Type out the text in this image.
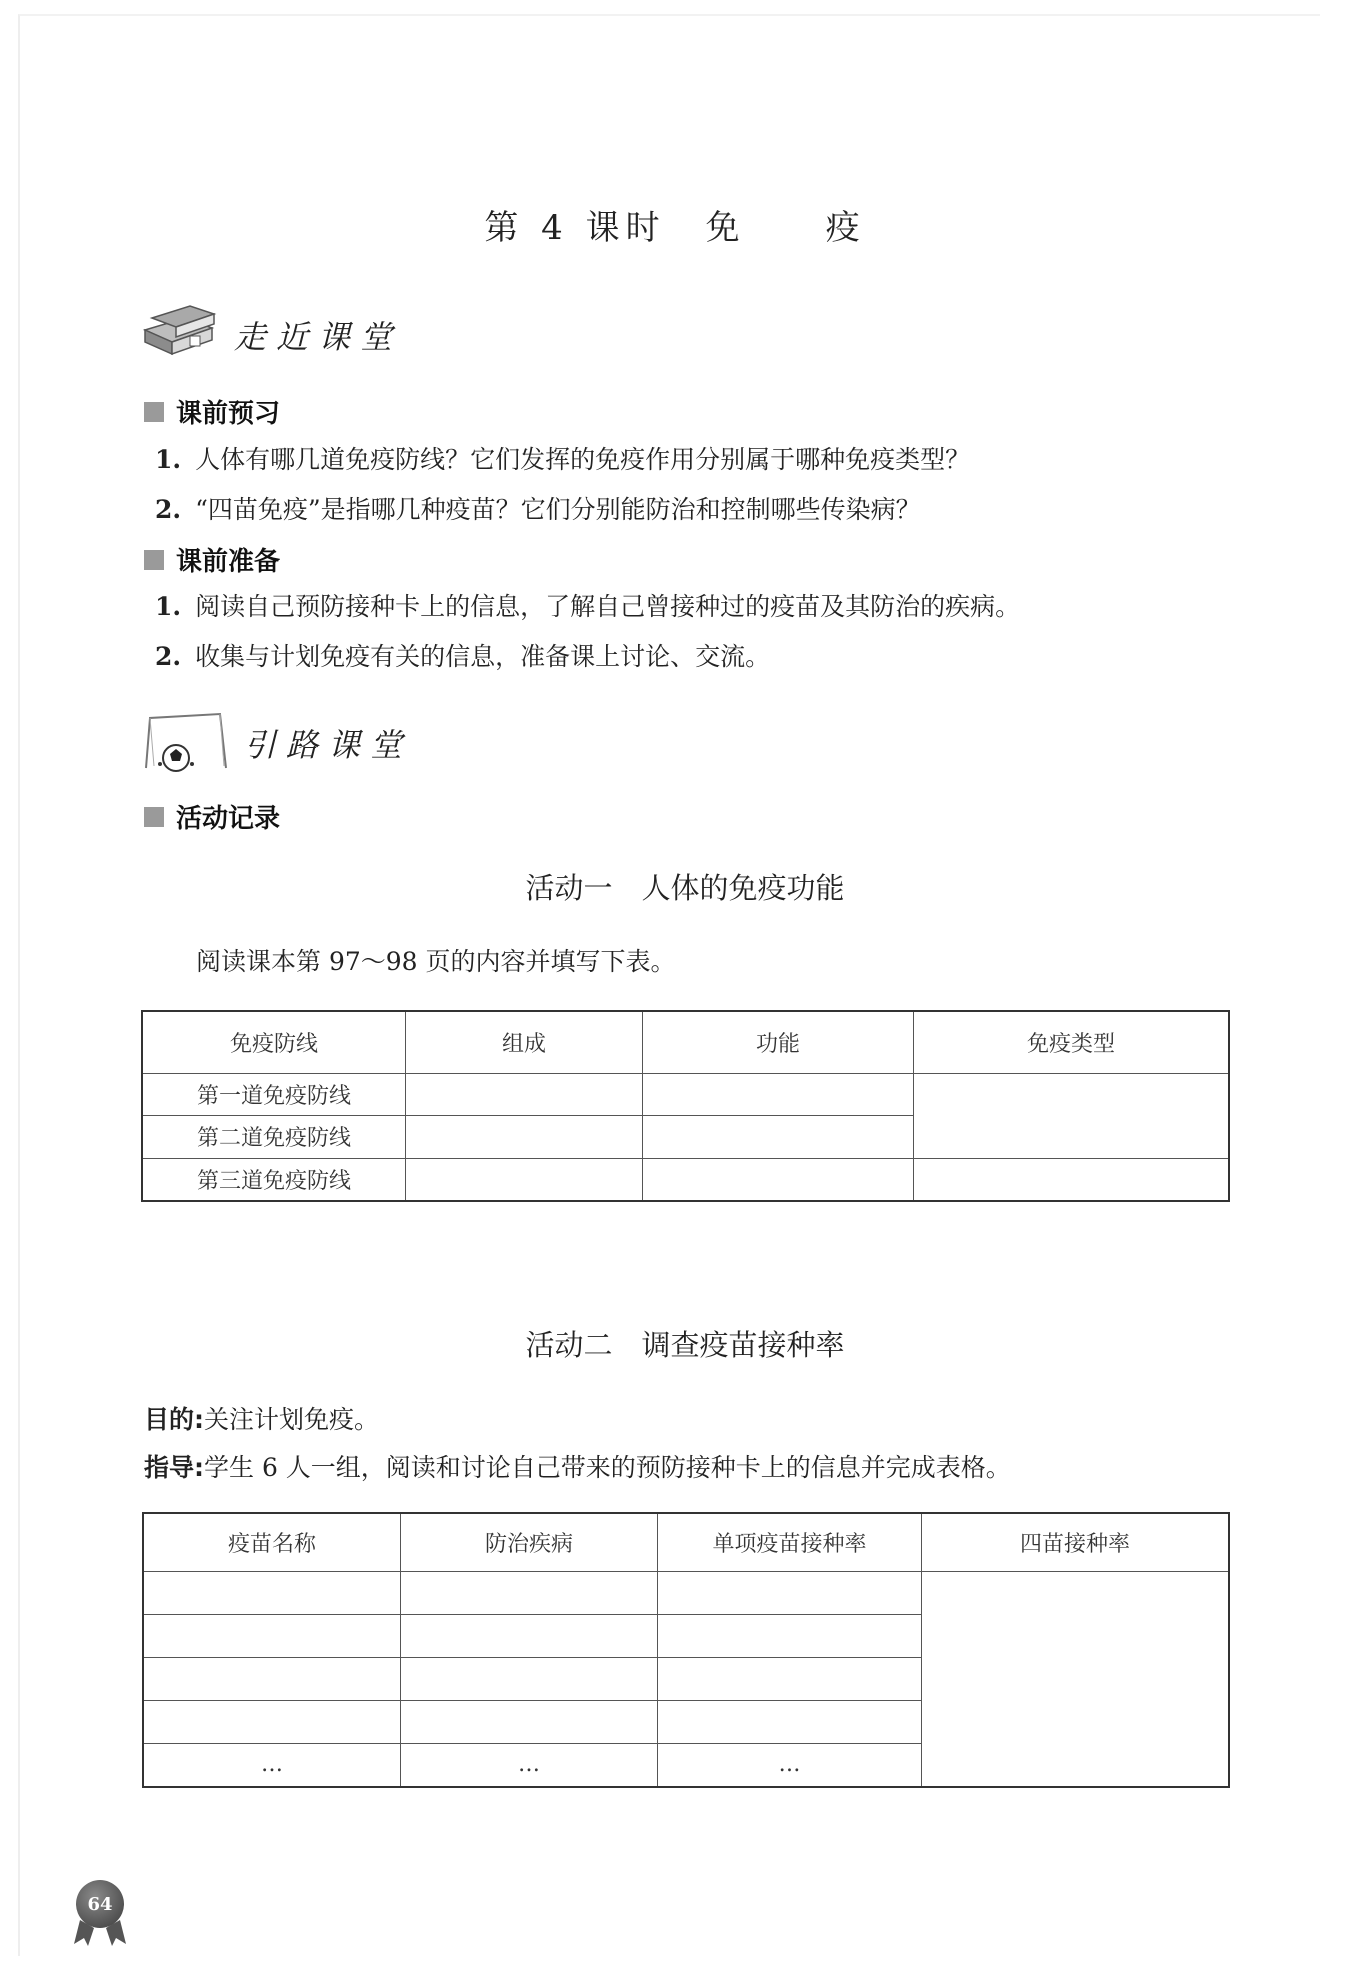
第 4 课时　免　　疫
走近课堂
课前预习
1. 人体有哪几道免疫防线？它们发挥的免疫作用分别属于哪种免疫类型？
2. “四苗免疫”是指哪几种疫苗？它们分别能防治和控制哪些传染病？
课前准备
1. 阅读自己预防接种卡上的信息，了解自己曾接种过的疫苗及其防治的疾病。
2. 收集与计划免疫有关的信息，准备课上讨论、交流。
引路课堂
活动记录
活动一　人体的免疫功能
阅读课本第 97～98 页的内容并填写下表。
免疫防线	组成	功能	免疫类型
第一道免疫防线			
第二道免疫防线			
第三道免疫防线			
活动二　调查疫苗接种率
目的:关注计划免疫。
指导:学生 6 人一组，阅读和讨论自己带来的预防接种卡上的信息并完成表格。
疫苗名称	防治疾病	单项疫苗接种率	四苗接种率

…	…	…	
64
